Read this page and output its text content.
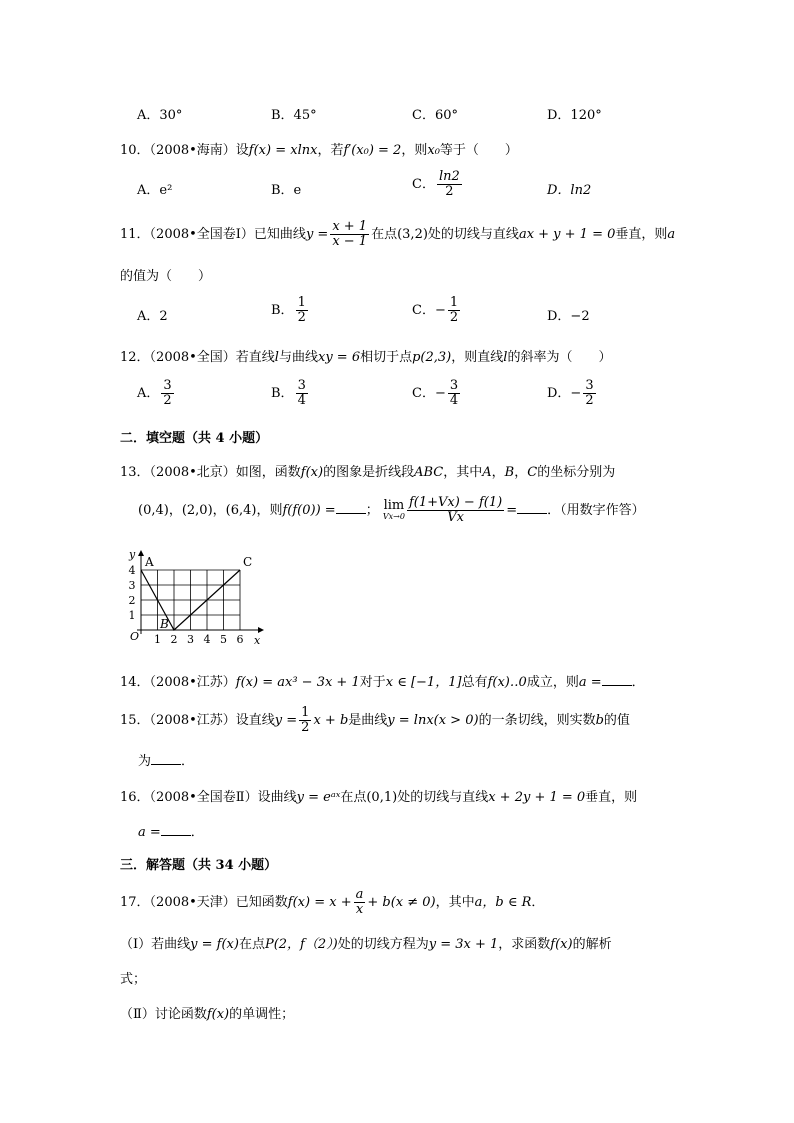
A．30°	B．45°	C．60°	D．120°
10．（2008•海南）设f(x) = xlnx，若f′(x₀) = 2，则x₀等于（　　）
A．e²	B．e	C． $\frac{\ln 2}{2}$	D．ln2
11．（2008•全国卷Ⅰ）已知曲线$y = \frac{x + 1}{x - 1}$ 在点(3,2)处的切线与直线ax + y + 1 = 0垂直，则a
的值为（　　）
A．2	B． $\frac{1}{2}$	C．− $\frac{1}{2}$	D．−2
12．（2008•全国）若直线l与曲线xy = 6相切于点p(2,3)，则直线l的斜率为（　　）
A． $\frac{3}{2}$	B． $\frac{3}{4}$	C．− $\frac{3}{4}$	D．− $\frac{3}{2}$
二．填空题（共 4 小题）
13．（2008•北京）如图，函数f(x)的图象是折线段ABC，其中A，B，C的坐标分别为
(0,4)，(2,0)，(6,4)，则f(f(0)) = ； lim
$Vx\to 0 \frac{f(1+Vx) - f(1)}{Vx}$ = ．（用数字作答）
1 2 3 4 5 6
1
2
3
4
O	x
y
A
B
C
14．（2008•江苏）f(x) = ax³ − 3x + 1对于x ∈ [−1，1]总有f(x)‥0成立，则a = ．
15．（2008•江苏）设直线$y = \frac{1}{2}$ x + b是曲线y = lnx(x > 0)的一条切线，则实数b的值
为 ．
16．（2008•全国卷Ⅱ）设曲线y = eᵃˣ在点(0,1)处的切线与直线x + 2y + 1 = 0垂直，则
a = ．
三．解答题（共 34 小题）
17．（2008•天津）已知函数$f(x) = x + \frac{a}{x} + b(x \ne 0)$，其中a，b ∈ R．
（Ⅰ）若曲线y = f(x)在点P(2，f（2）)处的切线方程为y = 3x + 1，求函数f(x)的解析
式；
（Ⅱ）讨论函数f(x)的单调性；
